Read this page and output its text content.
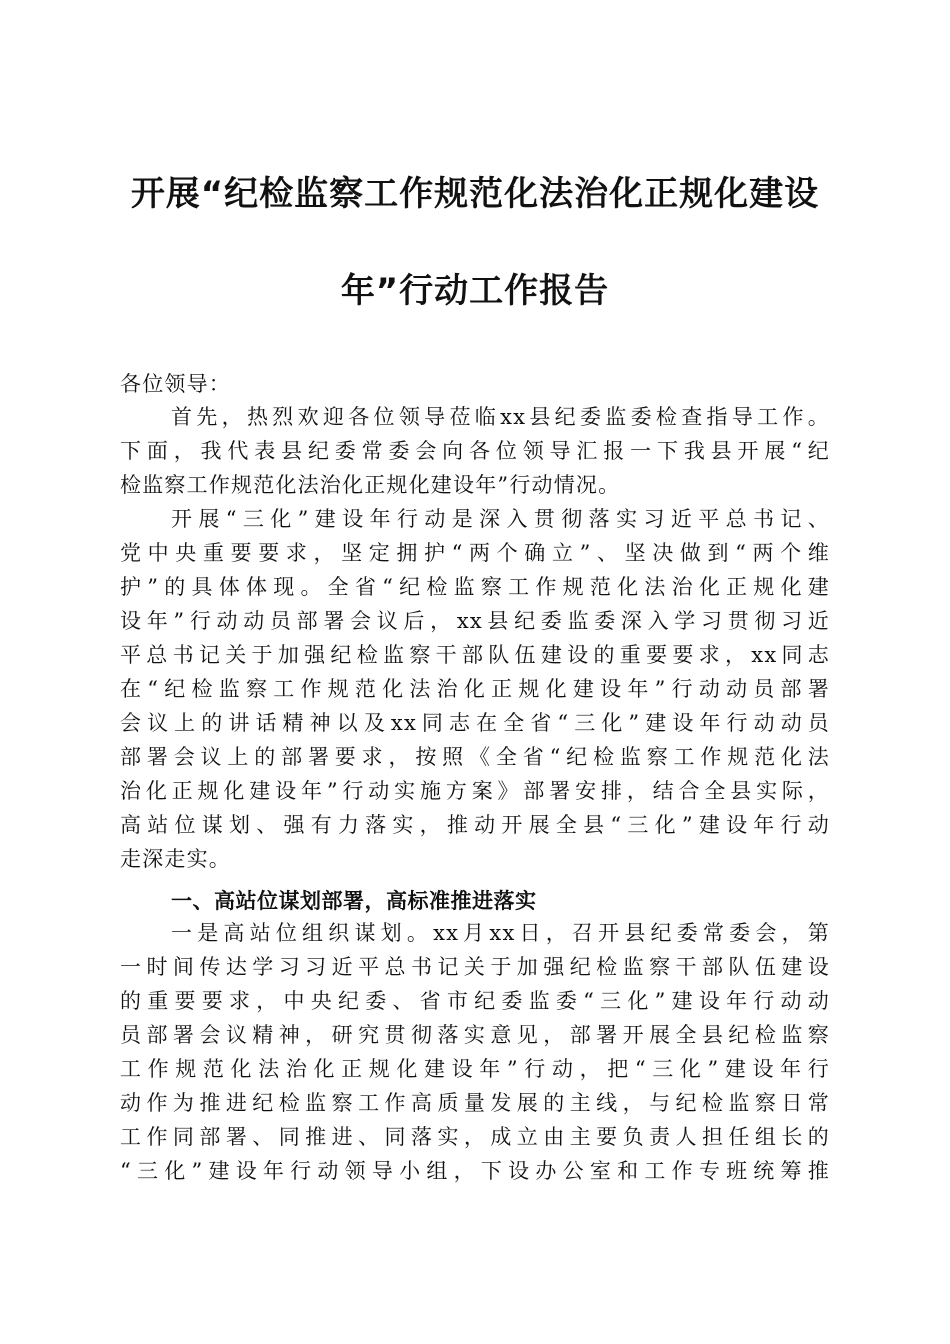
开展“纪检监察工作规范化法治化正规化建设
年”行动工作报告
各位领导：
首先，热烈欢迎各位领导莅临xx县纪委监委检查指导工作。
下面，我代表县纪委常委会向各位领导汇报一下我县开展“纪
检监察工作规范化法治化正规化建设年”行动情况。
开展“三化”建设年行动是深入贯彻落实习近平总书记、
党中央重要要求，坚定拥护“两个确立”、坚决做到“两个维
护”的具体体现。全省“纪检监察工作规范化法治化正规化建
设年”行动动员部署会议后，xx县纪委监委深入学习贯彻习近
平总书记关于加强纪检监察干部队伍建设的重要要求，xx同志
在“纪检监察工作规范化法治化正规化建设年”行动动员部署
会议上的讲话精神以及xx同志在全省“三化”建设年行动动员
部署会议上的部署要求，按照《全省“纪检监察工作规范化法
治化正规化建设年”行动实施方案》部署安排，结合全县实际，
高站位谋划、强有力落实，推动开展全县“三化”建设年行动
走深走实。
一、高站位谋划部署，高标准推进落实
一是高站位组织谋划。xx月xx日，召开县纪委常委会，第
一时间传达学习习近平总书记关于加强纪检监察干部队伍建设
的重要要求，中央纪委、省市纪委监委“三化”建设年行动动
员部署会议精神，研究贯彻落实意见，部署开展全县纪检监察
工作规范化法治化正规化建设年”行动，把“三化”建设年行
动作为推进纪检监察工作高质量发展的主线，与纪检监察日常
工作同部署、同推进、同落实，成立由主要负责人担任组长的
“三化”建设年行动领导小组，下设办公室和工作专班统筹推
